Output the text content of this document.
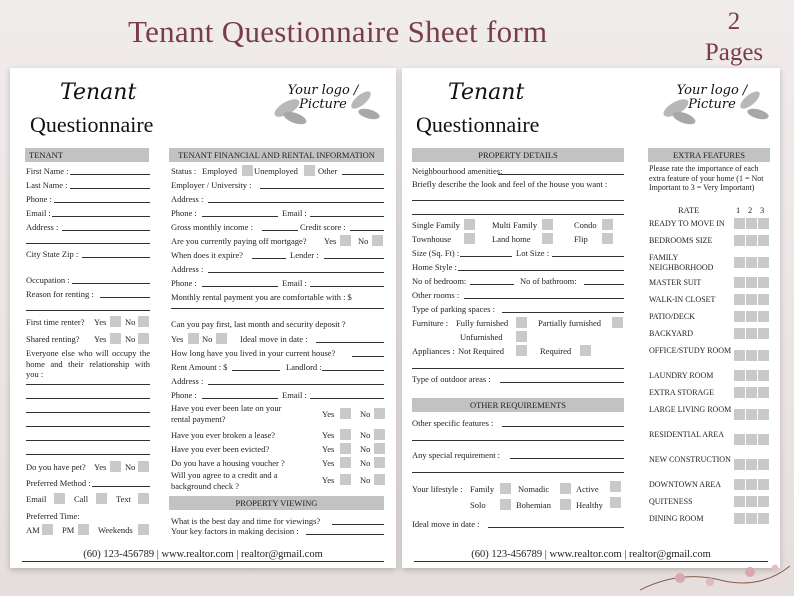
Tenant Questionnaire Sheet form	2
Pages
Tenant
Questionnaire
Your logo /
Picture
TENANT
First Name :
Last Name :
Phone :
Email :
Address :
City State Zip :
Occupation :
Reason for renting :
First time renter? Yes No
Shared renting? Yes No
Everyone else who will occupy the home and their relationship with you :
Do you have pet? Yes No
Preferred Method :
Email	Call	Text
Preferred Time:
AM	PM	Weekends
TENANT FINANCIAL AND RENTAL INFORMATION
Status : Employed Unemployed Other
Employer / University :
Address :
Phone :	Email :
Gross monthly income :	Credit score :
Are you currently paying off mortgage? Yes	No
When does it expire?	Lender :
Address :
Phone :	Email :
Monthly rental payment you are comfortable with : $
Can you pay first, last month and security deposit ?
Yes No	Ideal move in date :
How long have you lived in your current house?
Rent Amount : $	Landlord :
Address :
Phone :	Email :
Have you ever been late on your rental payment?	Yes	No
Have you ever broken a lease?	Yes	No
Have you ever been evicted?	Yes	No
Do you have a housing voucher ?	Yes	No
Will you agree to a credit and a background check ?
Yes	No
PROPERTY VIEWING
What is the best day and time for viewings?
Your key factors in making decision :
(60) 123-456789 | www.realtor.com | realtor@gmail.com
Tenant
Questionnaire
Your logo /
Picture
PROPERTY DETAILS
Neighbourhood amenities:
Briefly describe the look and feel of the house you want :
Single Family	Multi Family	Condo
Townhouse	Land home	Flip
Size (Sq. Ft) :	Lot Size :
Home Style :
No of bedroom:	No of bathroom:
Other rooms :
Type of parking spaces :
Furniture : Fully furnished	Partially furnished
Unfurnished
Appliances : Not Required	Required
Type of outdoor areas :
OTHER REQUIREMENTS
Other specific features :
Any special requirement :
Your lifestyle : Family	Nomadic	Active
Solo	Bohemian	Healthy
Ideal move in date :
EXTRA FEATURES
Please rate the importance of each extra feature of your home (1 = Not Important to 3 = Very Important)
RATE	1 2 3
READY TO MOVE IN
BEDROOMS SIZE
FAMILY NEIGHBORHOOD
MASTER SUIT
WALK-IN CLOSET
PATIO/DECK
BACKYARD
OFFICE/STUDY ROOM
LAUNDRY ROOM
EXTRA STORAGE
LARGE LIVING ROOM
RESIDENTIAL AREA
NEW CONSTRUCTION
DOWNTOWN AREA
QUITENESS
DINING ROOM
(60) 123-456789 | www.realtor.com | realtor@gmail.com
